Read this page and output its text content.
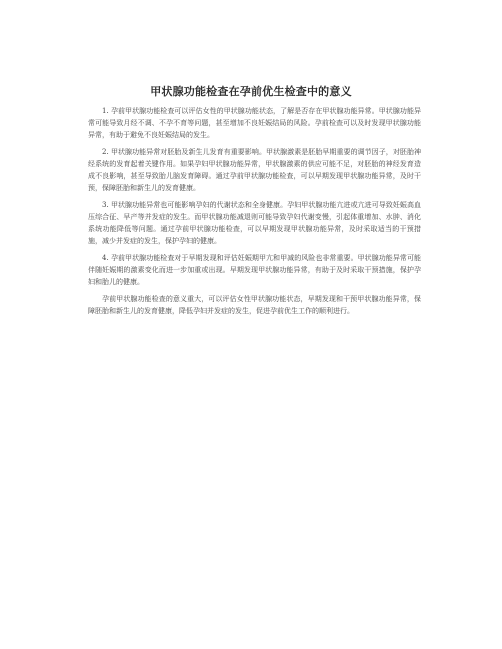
甲状腺功能检查在孕前优生检查中的意义

1. 孕前甲状腺功能检查可以评估女性的甲状腺功能状态，了解是否存在甲状腺功能异常。甲状腺功能异常可能导致月经不调、不孕不育等问题，甚至增加不良妊娠结局的风险。孕前检查可以及时发现甲状腺功能异常，有助于避免不良妊娠结局的发生。

2. 甲状腺功能异常对胚胎及新生儿发育有重要影响。甲状腺激素是胚胎早期重要的调节因子，对胚胎神经系统的发育起着关键作用。如果孕妇甲状腺功能异常，甲状腺激素的供应可能不足，对胚胎的神经发育造成不良影响，甚至导致胎儿脑发育障碍。通过孕前甲状腺功能检查，可以早期发现甲状腺功能异常，及时干预，保障胚胎和新生儿的发育健康。

3. 甲状腺功能异常也可能影响孕妇的代谢状态和全身健康。孕妇甲状腺功能亢进或亢进可导致妊娠高血压综合征、早产等并发症的发生。而甲状腺功能减退则可能导致孕妇代谢变慢，引起体重增加、水肿、消化系统功能降低等问题。通过孕前甲状腺功能检查，可以早期发现甲状腺功能异常，及时采取适当的干预措施，减少并发症的发生，保护孕妇的健康。

4. 孕前甲状腺功能检查对于早期发现和评估妊娠期甲亢和甲减的风险也非常重要。甲状腺功能异常可能伴随妊娠期的激素变化而进一步加重或出现。早期发现甲状腺功能异常，有助于及时采取干预措施，保护孕妇和胎儿的健康。

孕前甲状腺功能检查的意义重大，可以评估女性甲状腺功能状态，早期发现和干预甲状腺功能异常，保障胚胎和新生儿的发育健康，降低孕妇并发症的发生，促进孕前优生工作的顺利进行。
